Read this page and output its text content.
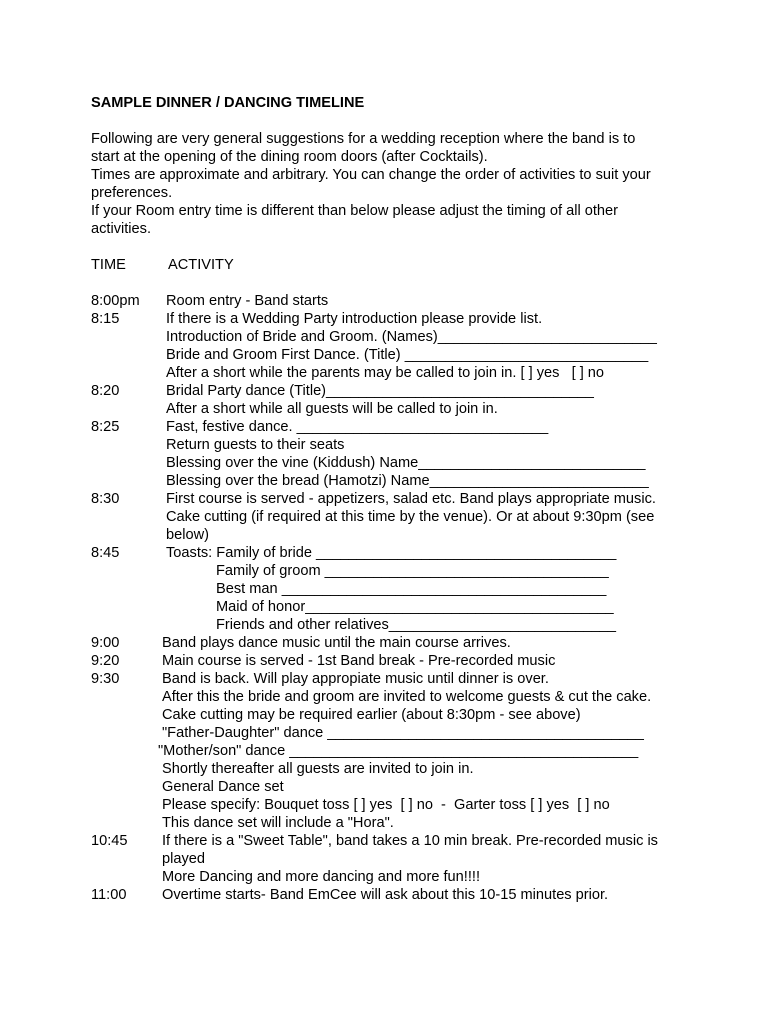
SAMPLE DINNER / DANCING TIMELINE
Following are very general suggestions for a wedding reception where the band is to
start at the opening of the dining room doors (after Cocktails).
Times are approximate and arbitrary. You can change the order of activities to suit your
preferences.
If your Room entry time is different than below please adjust the timing of all other
activities.
TIME	ACTIVITY
8:00pm Room entry - Band starts
8:15	If there is a Wedding Party introduction please provide list.
Introduction of Bride and Groom. (Names)___________________________
Bride and Groom First Dance. (Title) ______________________________
After a short while the parents may be called to join in. [ ] yes   [ ] no
8:20	Bridal Party dance (Title)_________________________________
After a short while all guests will be called to join in.
8:25	Fast, festive dance. _______________________________
Return guests to their seats
Blessing over the vine (Kiddush) Name____________________________
Blessing over the bread (Hamotzi) Name___________________________
8:30	First course is served - appetizers, salad etc. Band plays appropriate music.
Cake cutting (if required at this time by the venue). Or at about 9:30pm (see
below)
8:45	Toasts: Family of bride _____________________________________
Family of groom ___________________________________
Best man ________________________________________
Maid of honor______________________________________
Friends and other relatives____________________________
9:00	Band plays dance music until the main course arrives.
9:20	Main course is served - 1st Band break - Pre-recorded music
9:30	Band is back. Will play appropiate music until dinner is over.
After this the bride and groom are invited to welcome guests & cut the cake.
Cake cutting may be required earlier (about 8:30pm - see above)
"Father-Daughter" dance _______________________________________
"Mother/son" dance ___________________________________________
Shortly thereafter all guests are invited to join in.
General Dance set
Please specify: Bouquet toss [ ] yes  [ ] no  -  Garter toss [ ] yes  [ ] no
This dance set will include a "Hora".
10:45 If there is a "Sweet Table", band takes a 10 min break. Pre-recorded music is
played
More Dancing and more dancing and more fun!!!!
11:00 Overtime starts- Band EmCee will ask about this 10-15 minutes prior.
